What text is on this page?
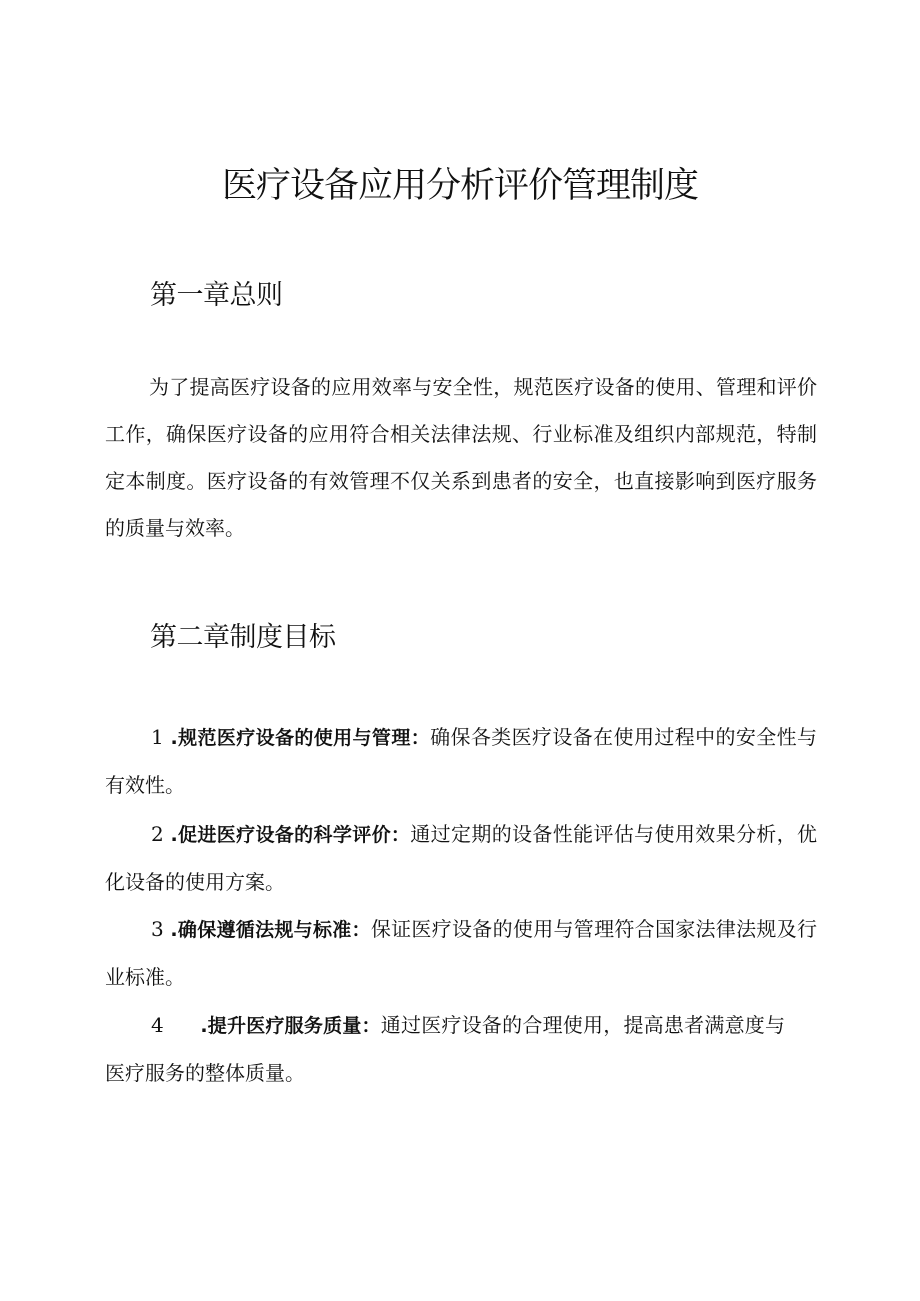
医疗设备应用分析评价管理制度
第一章总则

为了提高医疗设备的应用效率与安全性，规范医疗设备的使用、管理和评价工作，确保医疗设备的应用符合相关法律法规、行业标准及组织内部规范，特制定本制度。医疗设备的有效管理不仅关系到患者的安全，也直接影响到医疗服务的质量与效率。

第二章制度目标

1 .规范医疗设备的使用与管理：确保各类医疗设备在使用过程中的安全性与有效性。

2 .促进医疗设备的科学评价：通过定期的设备性能评估与使用效果分析，优化设备的使用方案。

3 .确保遵循法规与标准：保证医疗设备的使用与管理符合国家法律法规及行业标准。

4 .提升医疗服务质量：通过医疗设备的合理使用，提高患者满意度与医疗服务的整体质量。
